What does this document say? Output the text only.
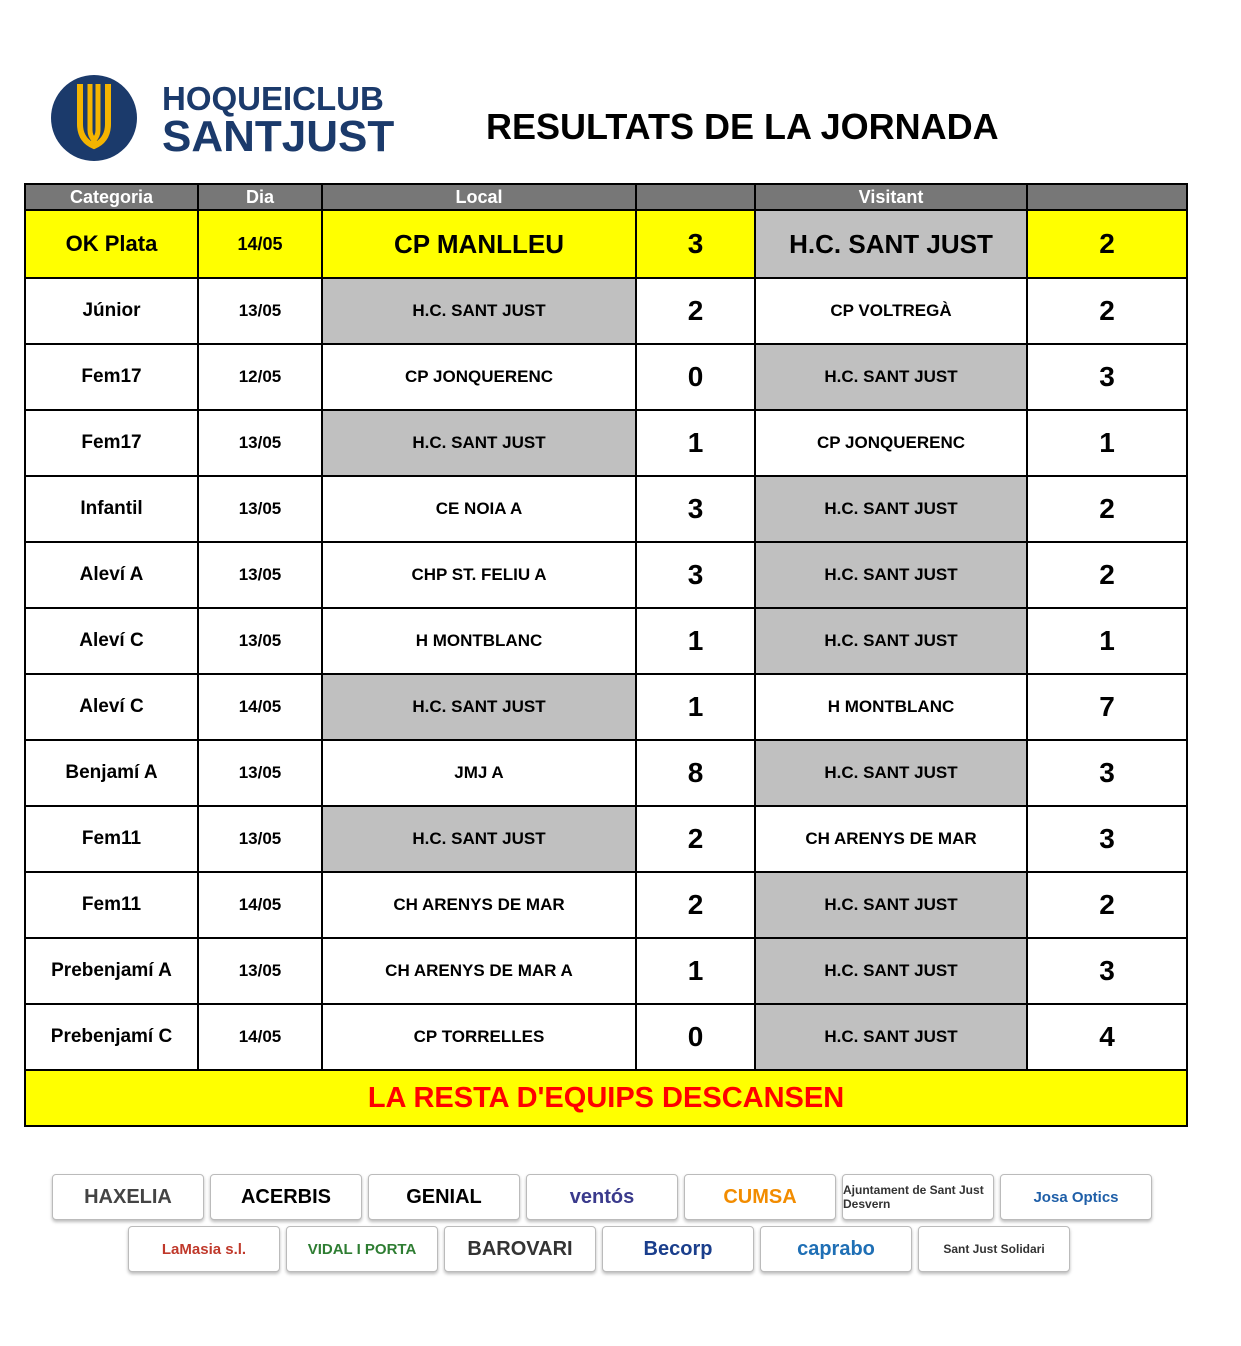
HOQUEICLUB
SANTJUST	RESULTATS DE LA JORNADA
Categoria	Dia	Local		Visitant	
OK Plata	14/05	CP MANLLEU	3	H.C. SANT JUST	2
Júnior	13/05	H.C. SANT JUST	2	CP VOLTREGÀ	2
Fem17	12/05	CP JONQUERENC	0	H.C. SANT JUST	3
Fem17	13/05	H.C. SANT JUST	1	CP JONQUERENC	1
Infantil	13/05	CE NOIA A	3	H.C. SANT JUST	2
Aleví A	13/05	CHP ST. FELIU A	3	H.C. SANT JUST	2
Aleví C	13/05	H MONTBLANC	1	H.C. SANT JUST	1
Aleví C	14/05	H.C. SANT JUST	1	H MONTBLANC	7
Benjamí A	13/05	JMJ A	8	H.C. SANT JUST	3
Fem11	13/05	H.C. SANT JUST	2	CH ARENYS DE MAR	3
Fem11	14/05	CH ARENYS DE MAR	2	H.C. SANT JUST	2
Prebenjamí A	13/05	CH ARENYS DE MAR A	1	H.C. SANT JUST	3
Prebenjamí C	14/05	CP TORRELLES	0	H.C. SANT JUST	4
LA RESTA D'EQUIPS DESCANSEN					
HAXELIA	ACERBIS	GENIAL	ventós	CUMSA	Ajuntament de Sant Just Desvern	Josa Optics
LaMasia s.l.	VIDAL I PORTA	BAROVARI	Becorp	caprabo	Sant Just Solidari
